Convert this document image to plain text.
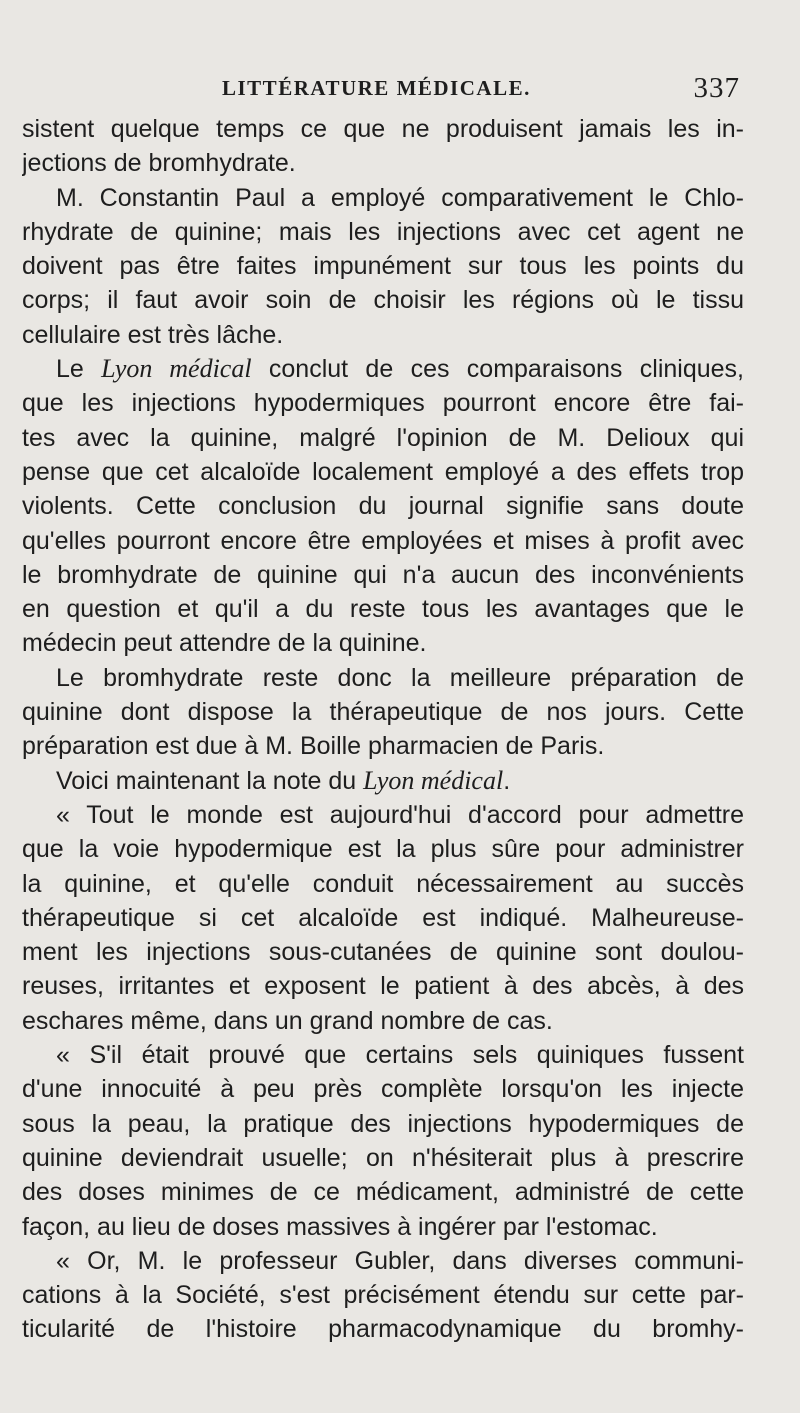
LITTÉRATURE MÉDICALE.	337
sistent quelque temps ce que ne produisent jamais les in-
jections de bromhydrate.
M. Constantin Paul a employé comparativement le Chlo-
rhydrate de quinine; mais les injections avec cet agent ne
doivent pas être faites impunément sur tous les points du
corps; il faut avoir soin de choisir les régions où le tissu
cellulaire est très lâche.
Le Lyon médical conclut de ces comparaisons cliniques,
que les injections hypodermiques pourront encore être fai-
tes avec la quinine, malgré l'opinion de M. Delioux qui
pense que cet alcaloïde localement employé a des effets trop
violents. Cette conclusion du journal signifie sans doute
qu'elles pourront encore être employées et mises à profit avec
le bromhydrate de quinine qui n'a aucun des inconvénients
en question et qu'il a du reste tous les avantages que le
médecin peut attendre de la quinine.
Le bromhydrate reste donc la meilleure préparation de
quinine dont dispose la thérapeutique de nos jours. Cette
préparation est due à M. Boille pharmacien de Paris.
Voici maintenant la note du Lyon médical.
« Tout le monde est aujourd'hui d'accord pour admettre
que la voie hypodermique est la plus sûre pour administrer
la quinine, et qu'elle conduit nécessairement au succès
thérapeutique si cet alcaloïde est indiqué. Malheureuse-
ment les injections sous-cutanées de quinine sont doulou-
reuses, irritantes et exposent le patient à des abcès, à des
eschares même, dans un grand nombre de cas.
« S'il était prouvé que certains sels quiniques fussent
d'une innocuité à peu près complète lorsqu'on les injecte
sous la peau, la pratique des injections hypodermiques de
quinine deviendrait usuelle; on n'hésiterait plus à prescrire
des doses minimes de ce médicament, administré de cette
façon, au lieu de doses massives à ingérer par l'estomac.
« Or, M. le professeur Gubler, dans diverses communi-
cations à la Société, s'est précisément étendu sur cette par-
ticularité de l'histoire pharmacodynamique du bromhy-
